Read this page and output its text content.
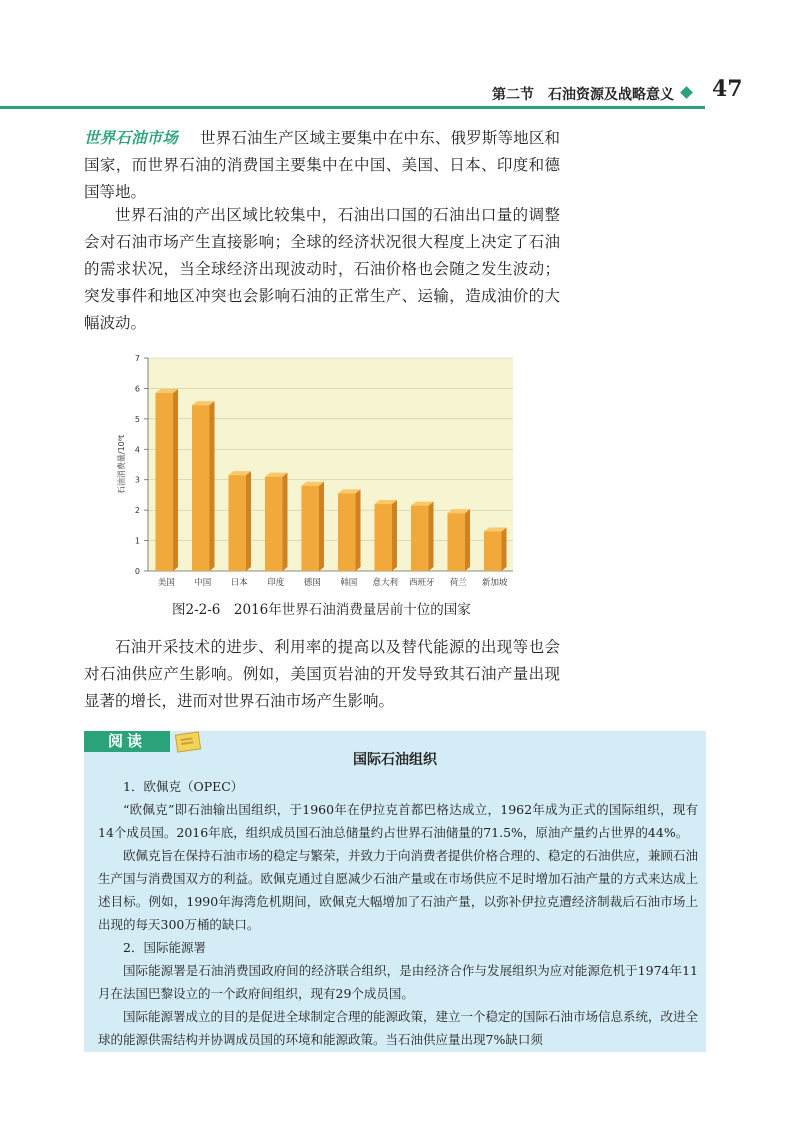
第二节 石油资源及战略意义 47
世界石油市场 世界石油生产区域主要集中在中东、俄罗斯等地区和国家，而世界石油的消费国主要集中在中国、美国、日本、印度和德国等地。
世界石油的产出区域比较集中，石油出口国的石油出口量的调整会对石油市场产生直接影响；全球的经济状况很大程度上决定了石油的需求状况，当全球经济出现波动时，石油价格也会随之发生波动；突发事件和地区冲突也会影响石油的正常生产、运输，造成油价的大幅波动。
0
1
2
3
4
5
6
7
石油消费量/10⁸t
美国 中国 日本 印度 德国 韩国 意大利 西班牙 荷兰 新加坡
图2-2-6　2016年世界石油消费量居前十位的国家
石油开采技术的进步、利用率的提高以及替代能源的出现等也会对石油供应产生影响。例如，美国页岩油的开发导致其石油产量出现显著的增长，进而对世界石油市场产生影响。
阅读
国际石油组织

1．欧佩克（OPEC）

“欧佩克”即石油输出国组织，于1960年在伊拉克首都巴格达成立，1962年成为正式的国际组织，现有14个成员国。2016年底，组织成员国石油总储量约占世界石油储量的71.5%，原油产量约占世界的44%。

欧佩克旨在保持石油市场的稳定与繁荣，并致力于向消费者提供价格合理的、稳定的石油供应，兼顾石油生产国与消费国双方的利益。欧佩克通过自愿减少石油产量或在市场供应不足时增加石油产量的方式来达成上述目标。例如，1990年海湾危机期间，欧佩克大幅增加了石油产量，以弥补伊拉克遭经济制裁后石油市场上出现的每天300万桶的缺口。

2．国际能源署

国际能源署是石油消费国政府间的经济联合组织，是由经济合作与发展组织为应对能源危机于1974年11月在法国巴黎设立的一个政府间组织，现有29个成员国。

国际能源署成立的目的是促进全球制定合理的能源政策，建立一个稳定的国际石油市场信息系统，改进全球的能源供需结构并协调成员国的环境和能源政策。当石油供应量出现7%缺口须
